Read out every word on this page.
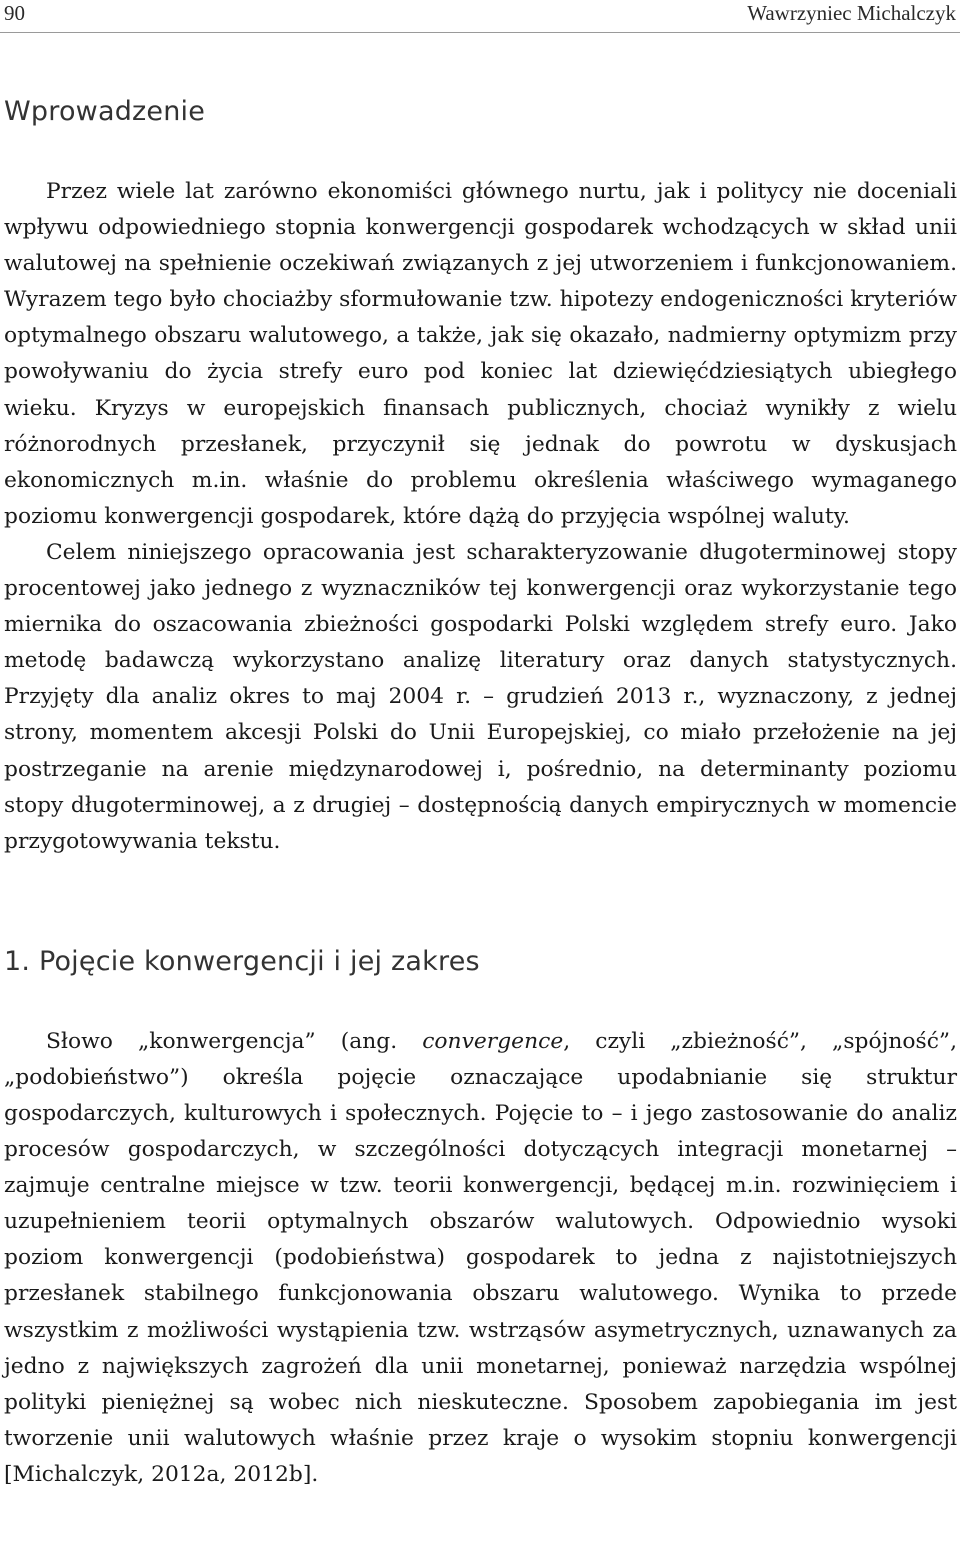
90	Wawrzyniec Michalczyk
Wprowadzenie

Przez wiele lat zarówno ekonomiści głównego nurtu, jak i politycy nie doceniali wpływu odpowiedniego stopnia konwergencji gospodarek wchodzących w skład unii walutowej na spełnienie oczekiwań związanych z jej utworzeniem i funkcjonowaniem. Wyrazem tego było chociażby sformułowanie tzw. hipotezy endogeniczności kryteriów optymalnego obszaru walutowego, a także, jak się okazało, nadmierny optymizm przy powoływaniu do życia strefy euro pod koniec lat dziewięćdziesiątych ubiegłego wieku. Kryzys w europejskich finansach publicznych, chociaż wynikły z wielu różnorodnych przesłanek, przyczynił się jednak do powrotu w dyskusjach ekonomicznych m.in. właśnie do problemu określenia właściwego wymaganego poziomu konwergencji gospodarek, które dążą do przyjęcia wspólnej waluty.

Celem niniejszego opracowania jest scharakteryzowanie długoterminowej stopy procentowej jako jednego z wyznaczników tej konwergencji oraz wykorzystanie tego miernika do oszacowania zbieżności gospodarki Polski względem strefy euro. Jako metodę badawczą wykorzystano analizę literatury oraz danych statystycznych. Przyjęty dla analiz okres to maj 2004 r. – grudzień 2013 r., wyznaczony, z jednej strony, momentem akcesji Polski do Unii Europejskiej, co miało przełożenie na jej postrzeganie na arenie międzynarodowej i, pośrednio, na determinanty poziomu stopy długoterminowej, a z drugiej – dostępnością danych empirycznych w momencie przygotowywania tekstu.

1. Pojęcie konwergencji i jej zakres

Słowo „konwergencja” (ang. convergence, czyli „zbieżność”, „spójność”, „podobieństwo”) określa pojęcie oznaczające upodabnianie się struktur gospodarczych, kulturowych i społecznych. Pojęcie to – i jego zastosowanie do analiz procesów gospodarczych, w szczególności dotyczących integracji monetarnej – zajmuje centralne miejsce w tzw. teorii konwergencji, będącej m.in. rozwinięciem i uzupełnieniem teorii optymalnych obszarów walutowych. Odpowiednio wysoki poziom konwergencji (podobieństwa) gospodarek to jedna z najistotniejszych przesłanek stabilnego funkcjonowania obszaru walutowego. Wynika to przede wszystkim z możliwości wystąpienia tzw. wstrząsów asymetrycznych, uznawanych za jedno z największych zagrożeń dla unii monetarnej, ponieważ narzędzia wspólnej polityki pieniężnej są wobec nich nieskuteczne. Sposobem zapobiegania im jest tworzenie unii walutowych właśnie przez kraje o wysokim stopniu konwergencji [Michalczyk, 2012a, 2012b].
